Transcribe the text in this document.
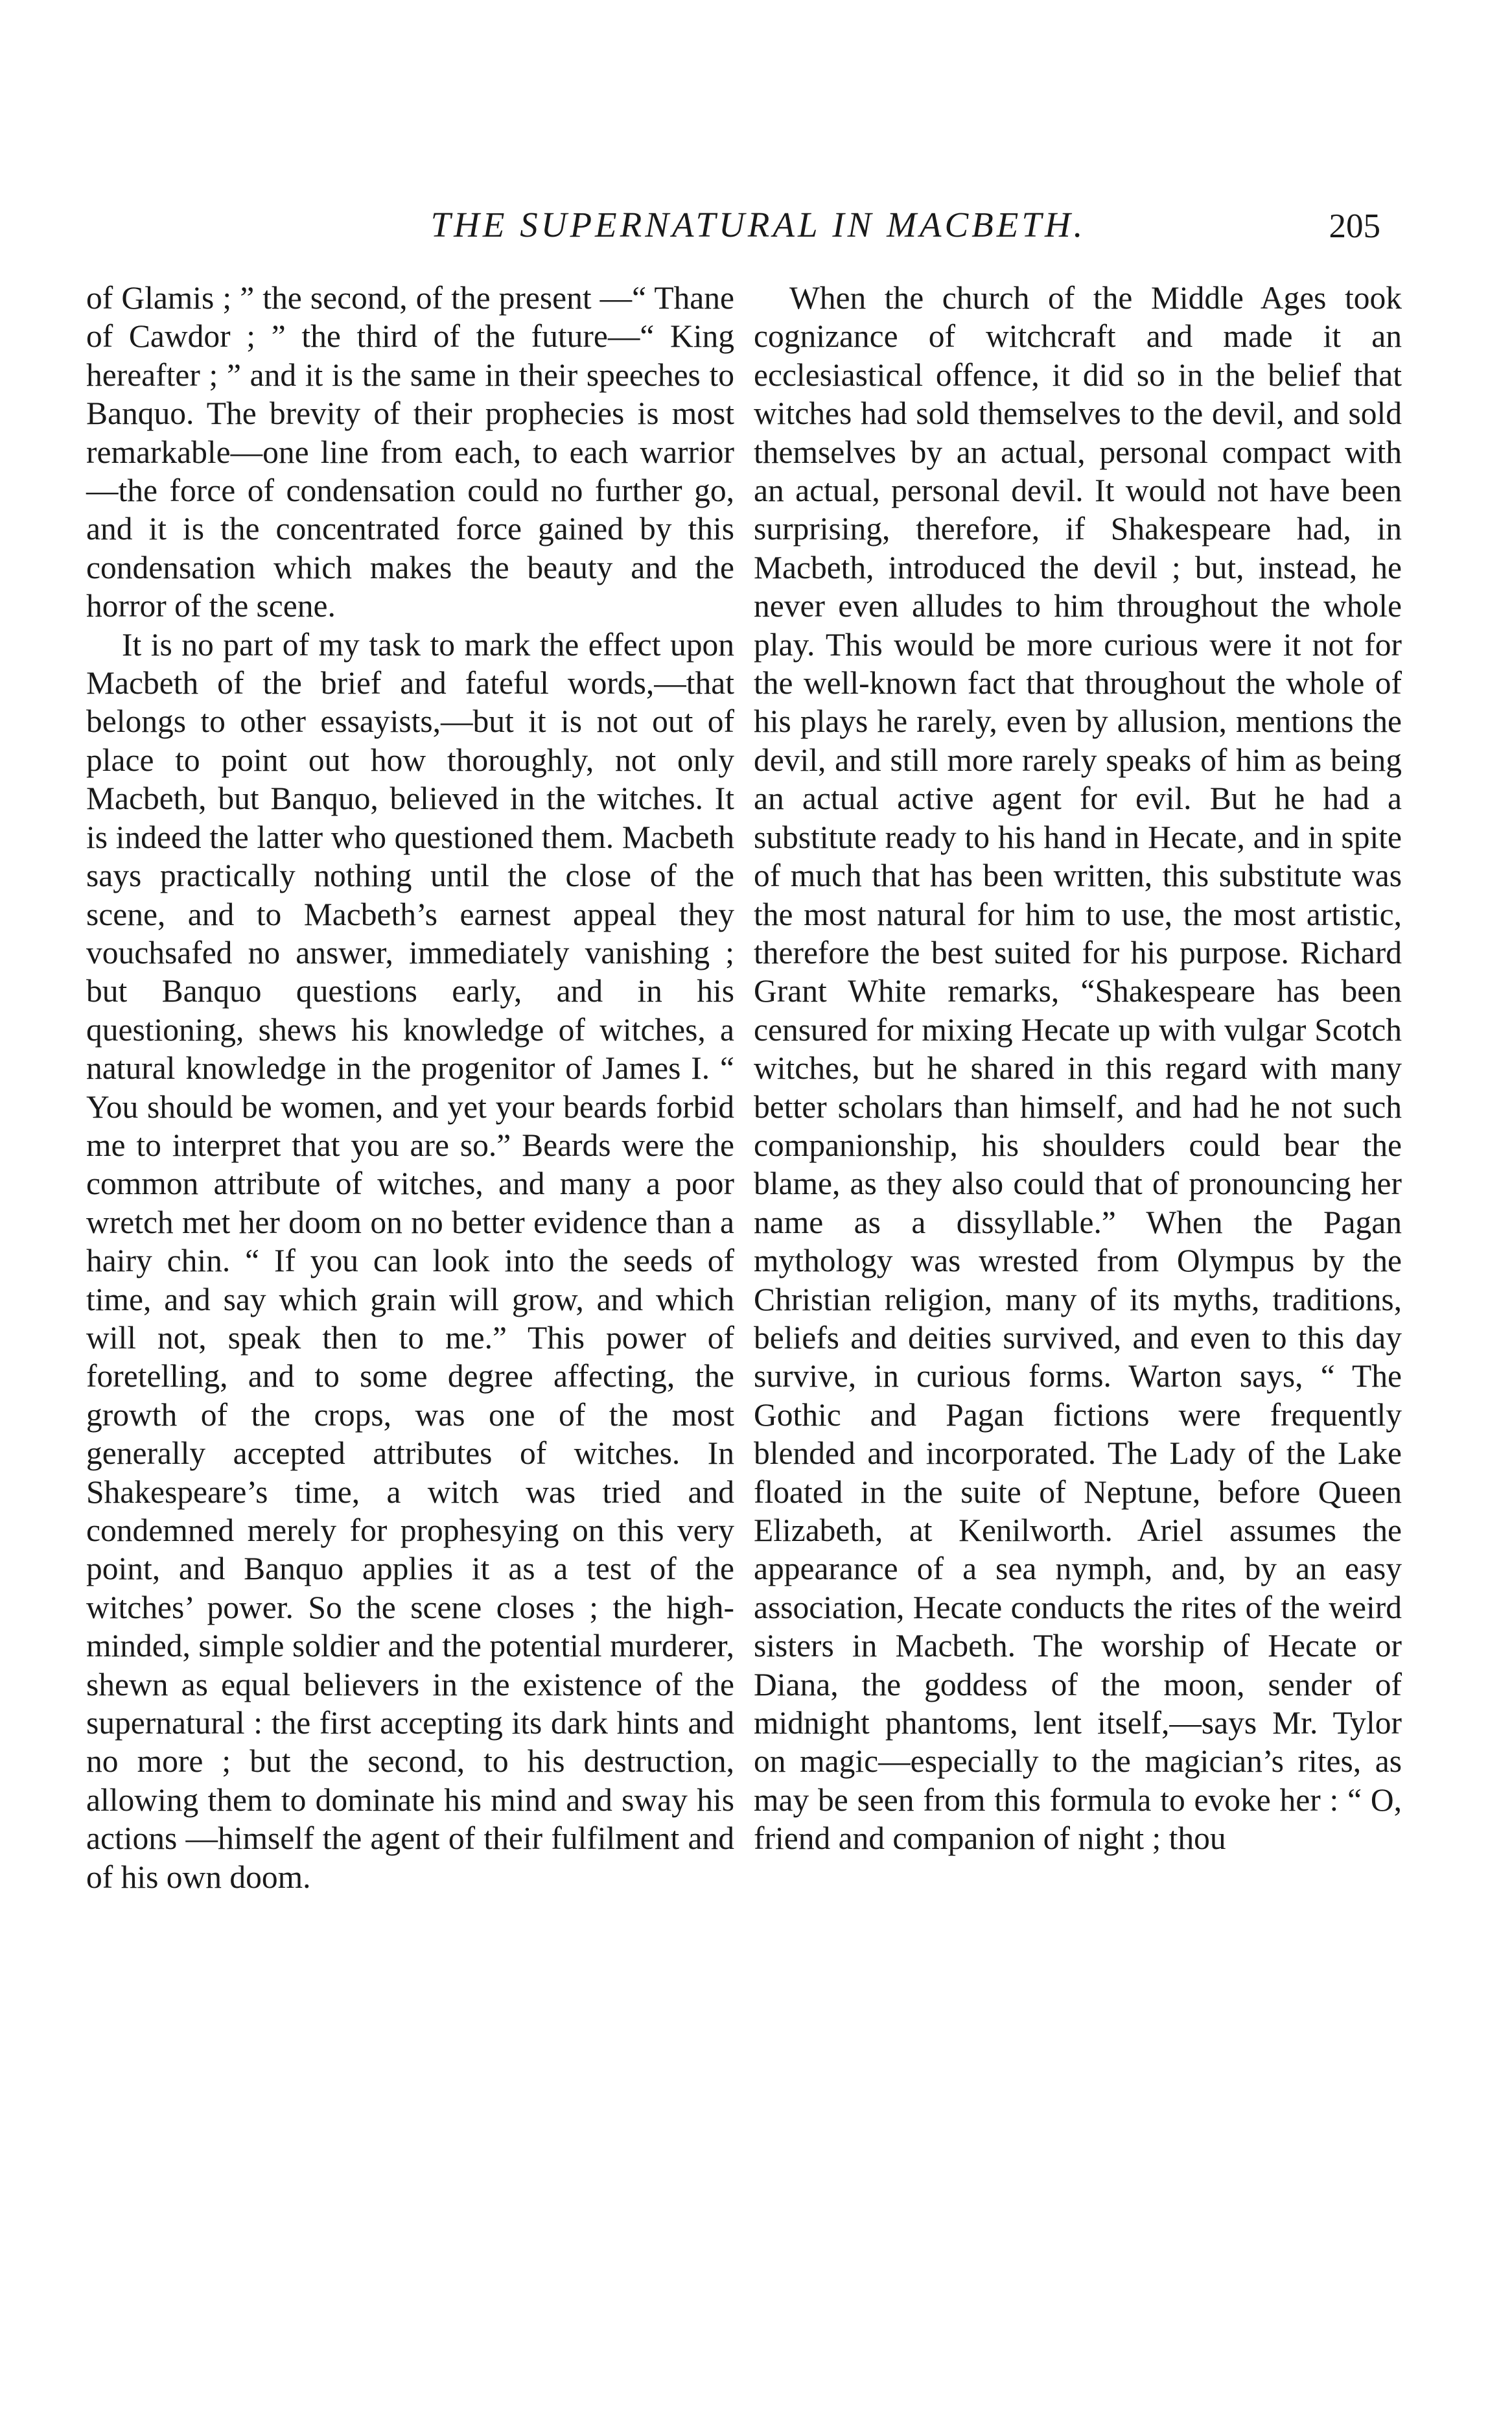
THE SUPERNATURAL IN MACBETH.	205

of Glamis ; ” the second, of the present —“ Thane of Cawdor ; ” the third of the future—“ King hereafter ; ” and it is the same in their speeches to Banquo. The brevity of their prophecies is most remarkable—one line from each, to each warrior—the force of condensation could no further go, and it is the concentrated force gained by this condensation which makes the beauty and the horror of the scene.

It is no part of my task to mark the effect upon Macbeth of the brief and fateful words,—that belongs to other essayists,—but it is not out of place to point out how thoroughly, not only Macbeth, but Banquo, believed in the witches. It is indeed the latter who questioned them. Macbeth says practically nothing until the close of the scene, and to Macbeth’s earnest appeal they vouchsafed no answer, immediately vanishing ; but Banquo questions early, and in his questioning, shews his knowledge of witches, a natural knowledge in the progenitor of James I. “ You should be women, and yet your beards forbid me to interpret that you are so.” Beards were the common attribute of witches, and many a poor wretch met her doom on no better evidence than a hairy chin. “ If you can look into the seeds of time, and say which grain will grow, and which will not, speak then to me.” This power of foretelling, and to some degree affecting, the growth of the crops, was one of the most generally accepted attributes of witches. In Shakespeare’s time, a witch was tried and condemned merely for prophesying on this very point, and Banquo applies it as a test of the witches’ power. So the scene closes ; the high-minded, simple soldier and the potential murderer, shewn as equal believers in the existence of the supernatural : the first accepting its dark hints and no more ; but the second, to his destruction, allowing them to dominate his mind and sway his actions —himself the agent of their fulfilment and of his own doom.

When the church of the Middle Ages took cognizance of witchcraft and made it an ecclesiastical offence, it did so in the belief that witches had sold themselves to the devil, and sold themselves by an actual, personal compact with an actual, personal devil. It would not have been surprising, therefore, if Shakespeare had, in Macbeth, introduced the devil ; but, instead, he never even alludes to him throughout the whole play. This would be more curious were it not for the well-known fact that throughout the whole of his plays he rarely, even by allusion, mentions the devil, and still more rarely speaks of him as being an actual active agent for evil. But he had a substitute ready to his hand in Hecate, and in spite of much that has been written, this substitute was the most natural for him to use, the most artistic, therefore the best suited for his purpose. Richard Grant White remarks, “Shakespeare has been censured for mixing Hecate up with vulgar Scotch witches, but he shared in this regard with many better scholars than himself, and had he not such companionship, his shoulders could bear the blame, as they also could that of pronouncing her name as a dissyllable.” When the Pagan mythology was wrested from Olympus by the Christian religion, many of its myths, traditions, beliefs and deities survived, and even to this day survive, in curious forms. Warton says, “ The Gothic and Pagan fictions were frequently blended and incorporated. The Lady of the Lake floated in the suite of Neptune, before Queen Elizabeth, at Kenilworth. Ariel assumes the appearance of a sea nymph, and, by an easy association, Hecate conducts the rites of the weird sisters in Macbeth. The worship of Hecate or Diana, the goddess of the moon, sender of midnight phantoms, lent itself,—says Mr. Tylor on magic—especially to the magician’s rites, as may be seen from this formula to evoke her : “ O, friend and companion of night ; thou
